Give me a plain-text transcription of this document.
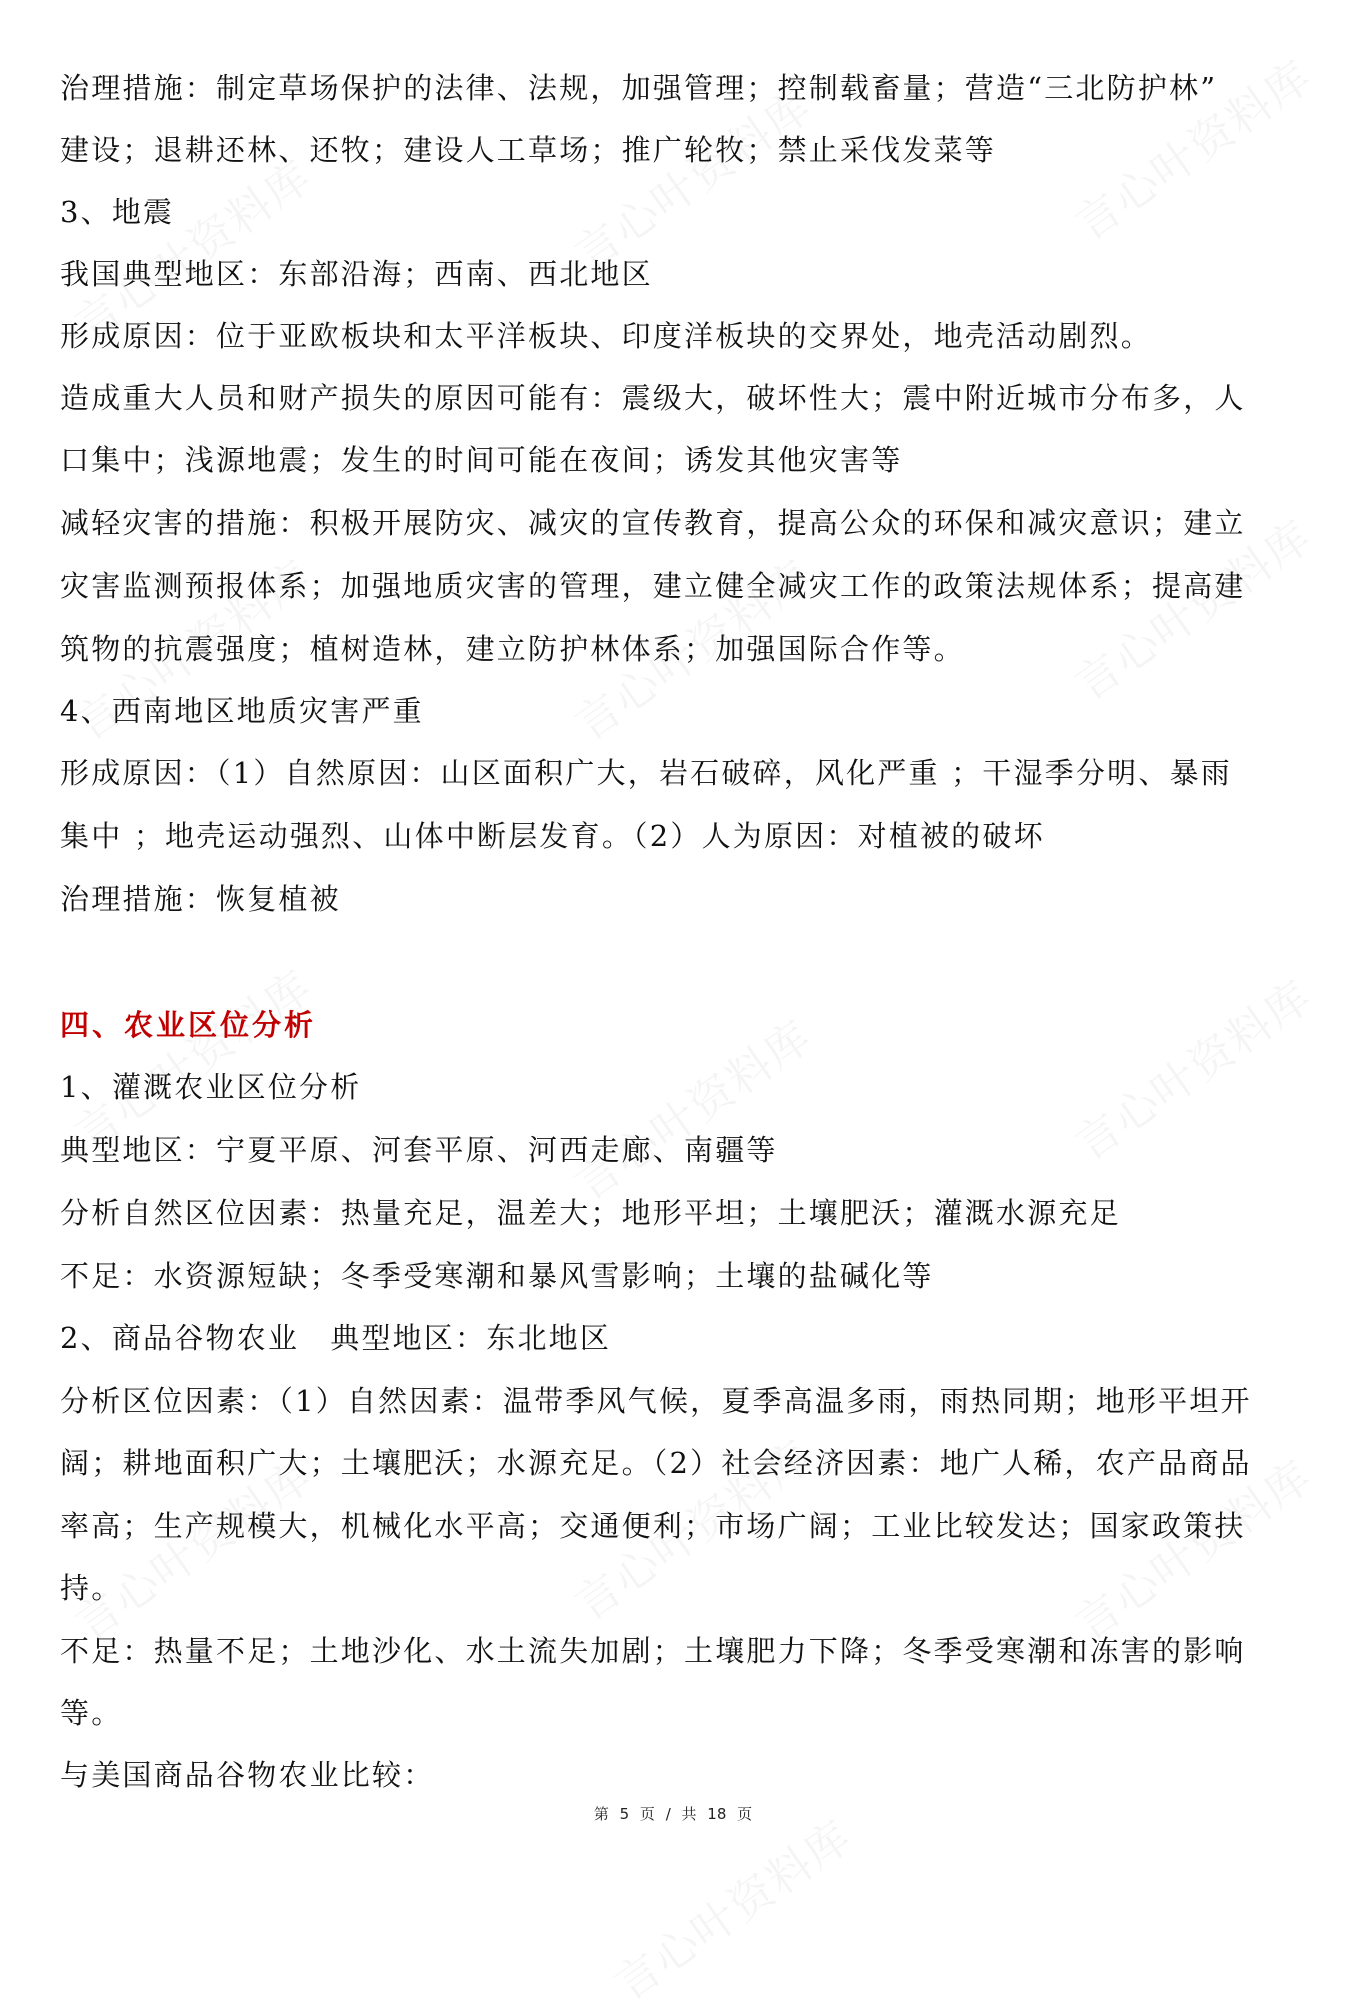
治理措施：制定草场保护的法律、法规，加强管理；控制载畜量；营造“三北防护林”
建设；退耕还林、还牧；建设人工草场；推广轮牧；禁止采伐发菜等
3、地震
我国典型地区：东部沿海；西南、西北地区
形成原因：位于亚欧板块和太平洋板块、印度洋板块的交界处，地壳活动剧烈。
造成重大人员和财产损失的原因可能有：震级大，破坏性大；震中附近城市分布多，人
口集中；浅源地震；发生的时间可能在夜间；诱发其他灾害等
减轻灾害的措施：积极开展防灾、减灾的宣传教育，提高公众的环保和减灾意识；建立
灾害监测预报体系；加强地质灾害的管理，建立健全减灾工作的政策法规体系；提高建
筑物的抗震强度；植树造林，建立防护林体系；加强国际合作等。
4、西南地区地质灾害严重
形成原因：（1）自然原因：山区面积广大，岩石破碎，风化严重 ；干湿季分明、暴雨
集中 ；地壳运动强烈、山体中断层发育。（2）人为原因：对植被的破坏
治理措施：恢复植被
四、农业区位分析
1、灌溉农业区位分析
典型地区：宁夏平原、河套平原、河西走廊、南疆等
分析自然区位因素：热量充足，温差大；地形平坦；土壤肥沃；灌溉水源充足
不足：水资源短缺；冬季受寒潮和暴风雪影响；土壤的盐碱化等
2、商品谷物农业　典型地区：东北地区
分析区位因素：（1）自然因素：温带季风气候，夏季高温多雨，雨热同期；地形平坦开
阔；耕地面积广大；土壤肥沃；水源充足。（2）社会经济因素：地广人稀，农产品商品
率高；生产规模大，机械化水平高；交通便利；市场广阔；工业比较发达；国家政策扶
持。
不足：热量不足；土地沙化、水土流失加剧；土壤肥力下降；冬季受寒潮和冻害的影响
等。
与美国商品谷物农业比较：
第 5 页 / 共 18 页
